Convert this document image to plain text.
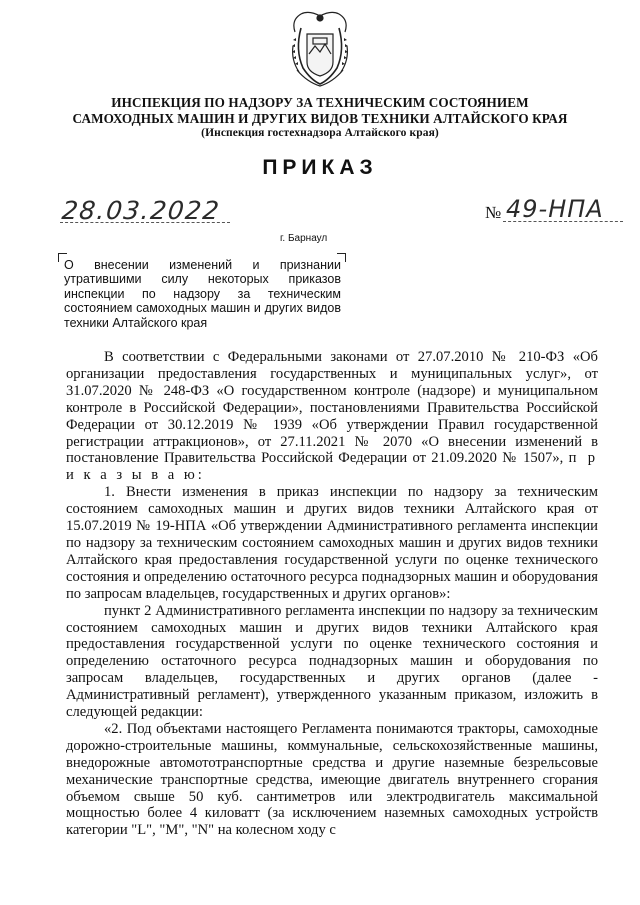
ИНСПЕКЦИЯ ПО НАДЗОРУ ЗА ТЕХНИЧЕСКИМ СОСТОЯНИЕМ
САМОХОДНЫХ МАШИН И ДРУГИХ ВИДОВ ТЕХНИКИ АЛТАЙСКОГО КРАЯ
(Инспекция гостехнадзора Алтайского края)
ПРИКАЗ
28.03.2022	№ 49-НПА
г. Барнаул
О внесении изменений и признании утратившими силу некоторых приказов инспекции по надзору за техническим состоянием самоходных машин и других видов техники Алтайского края

В соответствии с Федеральными законами от 27.07.2010 № 210-ФЗ «Об организации предоставления государственных и муниципальных услуг», от 31.07.2020 № 248-ФЗ «О государственном контроле (надзоре) и муниципальном контроле в Российской Федерации», постановлениями Правительства Российской Федерации от 30.12.2019 № 1939 «Об утверждении Правил государственной регистрации аттракционов», от 27.11.2021 № 2070 «О внесении изменений в постановление Правительства Российской Федерации от 21.09.2020 № 1507», п р и к а з ы в а ю:

1. Внести изменения в приказ инспекции по надзору за техническим состоянием самоходных машин и других видов техники Алтайского края от 15.07.2019 № 19-НПА «Об утверждении Административного регламента инспекции по надзору за техническим состоянием самоходных машин и других видов техники Алтайского края предоставления государственной услуги по оценке технического состояния и определению остаточного ресурса поднадзорных машин и оборудования по запросам владельцев, государственных и других органов»:

пункт 2 Административного регламента инспекции по надзору за техническим состоянием самоходных машин и других видов техники Алтайского края предоставления государственной услуги по оценке технического состояния и определению остаточного ресурса поднадзорных машин и оборудования по запросам владельцев, государственных и других органов (далее - Административный регламент), утвержденного указанным приказом, изложить в следующей редакции:

«2. Под объектами настоящего Регламента понимаются тракторы, самоходные дорожно-строительные машины, коммунальные, сельскохозяйственные машины, внедорожные автомототранспортные средства и другие наземные безрельсовые механические транспортные средства, имеющие двигатель внутреннего сгорания объемом свыше 50 куб. сантиметров или электродвигатель максимальной мощностью более 4 киловатт (за исключением наземных самоходных устройств категории "L", "M", "N" на колесном ходу с
